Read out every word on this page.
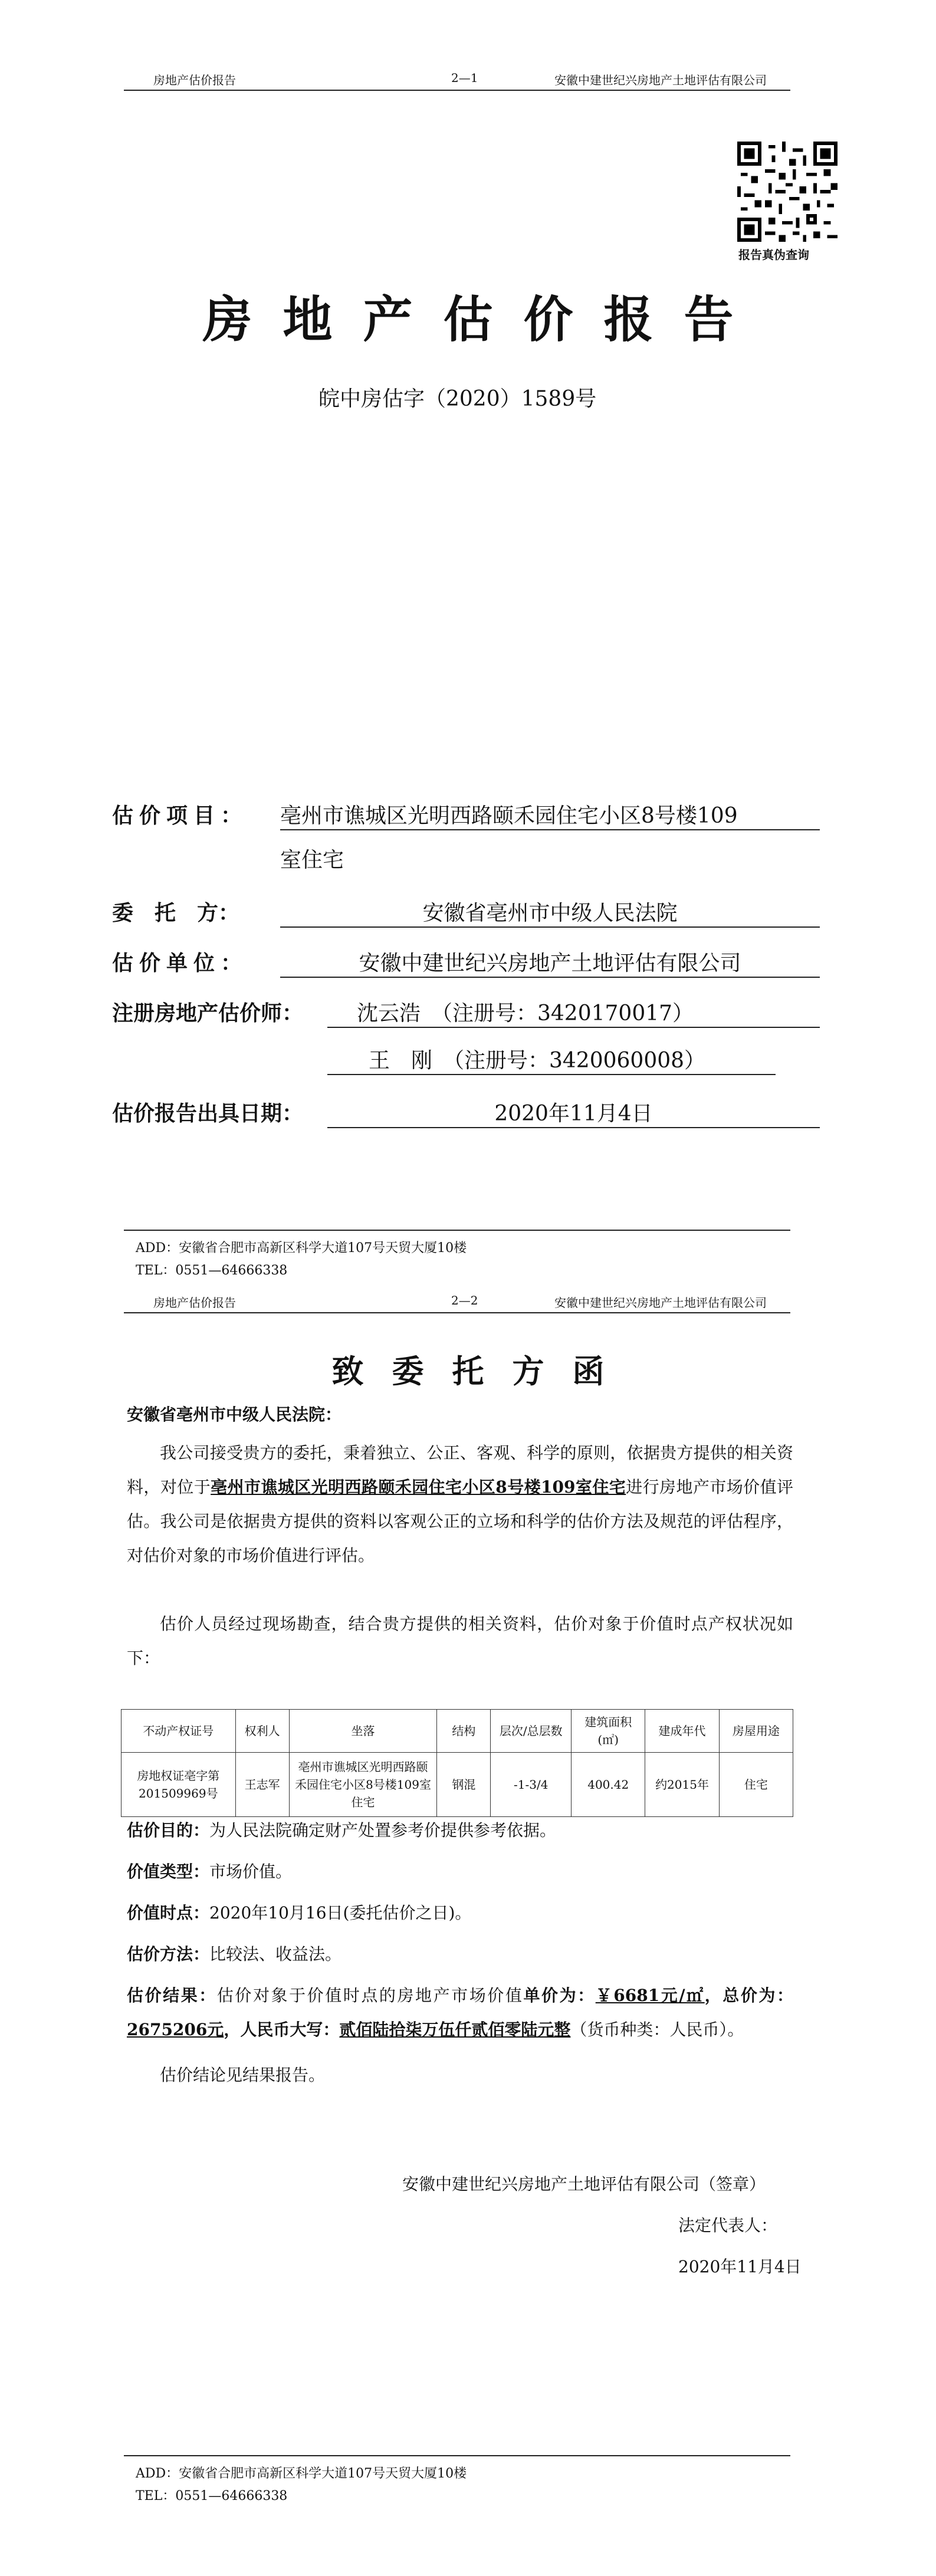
房地产估价报告	2—1	安徽中建世纪兴房地产土地评估有限公司
报告真伪查询
房地产估价报告
皖中房估字（2020）1589号
估价项目： 亳州市谯城区光明西路颐禾园住宅小区8号楼109
室住宅
委　托　方：	安徽省亳州市中级人民法院
估价单位：	安徽中建世纪兴房地产土地评估有限公司
注册房地产估价师：	沈云浩　（注册号：3420170017）
王　刚　（注册号：3420060008）
估价报告出具日期：	2020年11月4日
ADD：安徽省合肥市高新区科学大道107号天贸大厦10楼
TEL：0551—64666338
房地产估价报告	2—2	安徽中建世纪兴房地产土地评估有限公司
致委托方函
安徽省亳州市中级人民法院：
我公司接受贵方的委托，秉着独立、公正、客观、科学的原则，依据贵方提供的相关资料，对位于亳州市谯城区光明西路颐禾园住宅小区8号楼109室住宅进行房地产市场价值评估。我公司是依据贵方提供的资料以客观公正的立场和科学的估价方法及规范的评估程序，对估价对象的市场价值进行评估。
估价人员经过现场勘查，结合贵方提供的相关资料，估价对象于价值时点产权状况如下：
不动产权证号	权利人	坐落	结构	层次/总层数	建筑面积(㎡)	建成年代	房屋用途
房地权证亳字第201509969号	王志军	亳州市谯城区光明西路颐禾园住宅小区8号楼109室住宅	钢混	-1-3/4	400.42	约2015年	住宅
估价目的：为人民法院确定财产处置参考价提供参考依据。
价值类型：市场价值。
价值时点：2020年10月16日(委托估价之日)。
估价方法：比较法、收益法。
估价结果：估价对象于价值时点的房地产市场价值单价为：￥6681元/㎡，总价为：2675206元，人民币大写：贰佰陆拾柒万伍仟贰佰零陆元整（货币种类：人民币）。
估价结论见结果报告。
安徽中建世纪兴房地产土地评估有限公司（签章）
法定代表人：
2020年11月4日
ADD：安徽省合肥市高新区科学大道107号天贸大厦10楼
TEL：0551—64666338
